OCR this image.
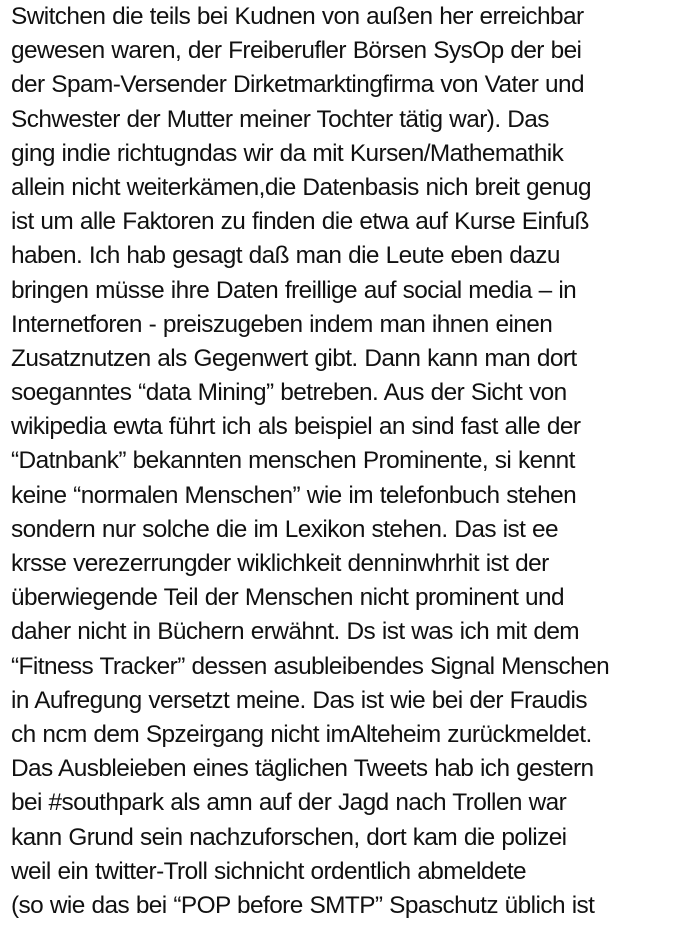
Switchen die teils bei Kudnen von außen her erreichbar
gewesen waren, der Freiberufler Börsen SysOp der bei
der Spam-Versender Dirketmarktingfirma von Vater und
Schwester der Mutter meiner Tochter tätig war). Das
ging indie richtugndas wir da mit Kursen/Mathemathik
allein nicht weiterkämen,die Datenbasis nich breit genug
ist um alle Faktoren zu finden die etwa auf Kurse Einfuß
haben. Ich hab gesagt daß man die Leute eben dazu
bringen müsse ihre Daten freillige auf social media – in
Internetforen - preiszugeben indem man ihnen einen
Zusatznutzen als Gegenwert gibt. Dann kann man dort
soeganntes “data Mining” betreben. Aus der Sicht von
wikipedia ewta führt ich als beispiel an sind fast alle der
“Datnbank” bekannten menschen Prominente, si kennt
keine “normalen Menschen” wie im telefonbuch stehen
sondern nur solche die im Lexikon stehen. Das ist ee
krsse verezerrungder wiklichkeit denninwhrhit ist der
überwiegende Teil der Menschen nicht prominent und
daher nicht in Büchern erwähnt. Ds ist was ich mit dem
“Fitness Tracker” dessen asubleibendes Signal Menschen
in Aufregung versetzt meine. Das ist wie bei der Fraudis
ch ncm dem Spzeirgang nicht imAlteheim zurückmeldet.
Das Ausbleieben eines täglichen Tweets hab ich gestern
bei #southpark als amn auf der Jagd nach Trollen war
kann Grund sein nachzuforschen, dort kam die polizei
weil ein twitter-Troll sichnicht ordentlich abmeldete
(so wie das bei “POP before SMTP” Spaschutz üblich ist
